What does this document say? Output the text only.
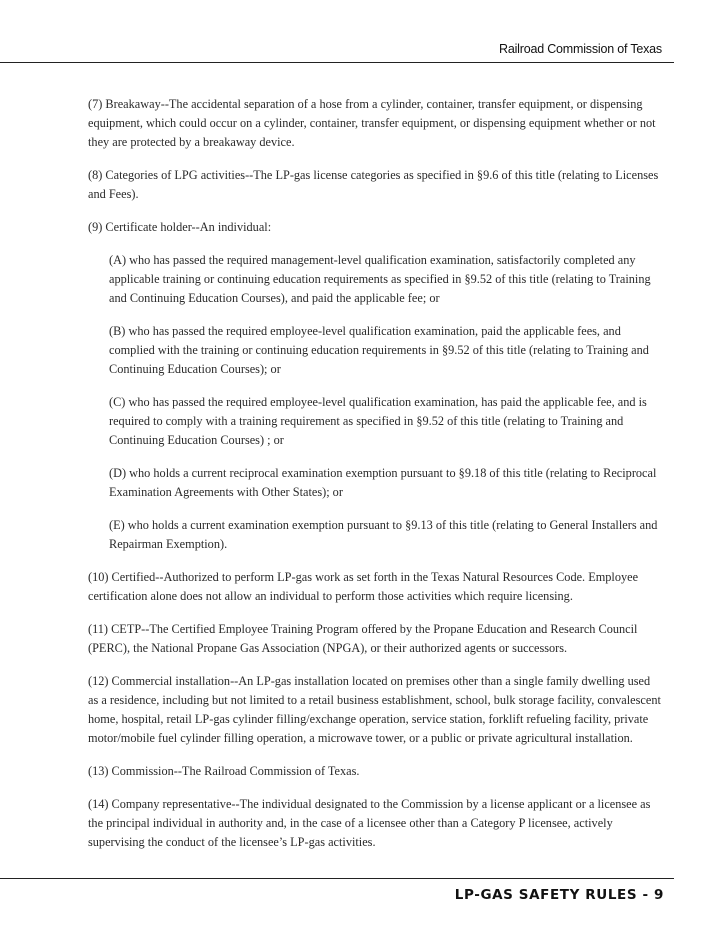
Railroad Commission of Texas

(7) Breakaway--The accidental separation of a hose from a cylinder, container, transfer equipment, or dispensing equipment, which could occur on a cylinder, container, transfer equipment, or dispensing equipment whether or not they are protected by a breakaway device.

(8) Categories of LPG activities--The LP-gas license categories as specified in §9.6 of this title (relating to Licenses and Fees).

(9) Certificate holder--An individual:

(A) who has passed the required management-level qualification examination, satisfactorily completed any applicable training or continuing education requirements as specified in §9.52 of this title (relating to Training and Continuing Education Courses), and paid the applicable fee; or

(B) who has passed the required employee-level qualification examination, paid the applicable fees, and complied with the training or continuing education requirements in §9.52 of this title (relating to Training and Continuing Education Courses); or

(C) who has passed the required employee-level qualification examination, has paid the applicable fee, and is required to comply with a training requirement as specified in §9.52 of this title (relating to Training and Continuing Education Courses) ; or

(D) who holds a current reciprocal examination exemption pursuant to §9.18 of this title (relating to Reciprocal Examination Agreements with Other States); or

(E) who holds a current examination exemption pursuant to §9.13 of this title (relating to General Installers and Repairman Exemption).

(10) Certified--Authorized to perform LP-gas work as set forth in the Texas Natural Resources Code. Employee certification alone does not allow an individual to perform those activities which require licensing.

(11) CETP--The Certified Employee Training Program offered by the Propane Education and Research Council (PERC), the National Propane Gas Association (NPGA), or their authorized agents or successors.

(12) Commercial installation--An LP-gas installation located on premises other than a single family dwelling used as a residence, including but not limited to a retail business establishment, school, bulk storage facility, convalescent home, hospital, retail LP-gas cylinder filling/exchange operation, service station, forklift refueling facility, private motor/mobile fuel cylinder filling operation, a microwave tower, or a public or private agricultural installation.

(13) Commission--The Railroad Commission of Texas.

(14) Company representative--The individual designated to the Commission by a license applicant or a licensee as the principal individual in authority and, in the case of a licensee other than a Category P licensee, actively supervising the conduct of the licensee’s LP-gas activities.

LP-GAS SAFETY RULES - 9
